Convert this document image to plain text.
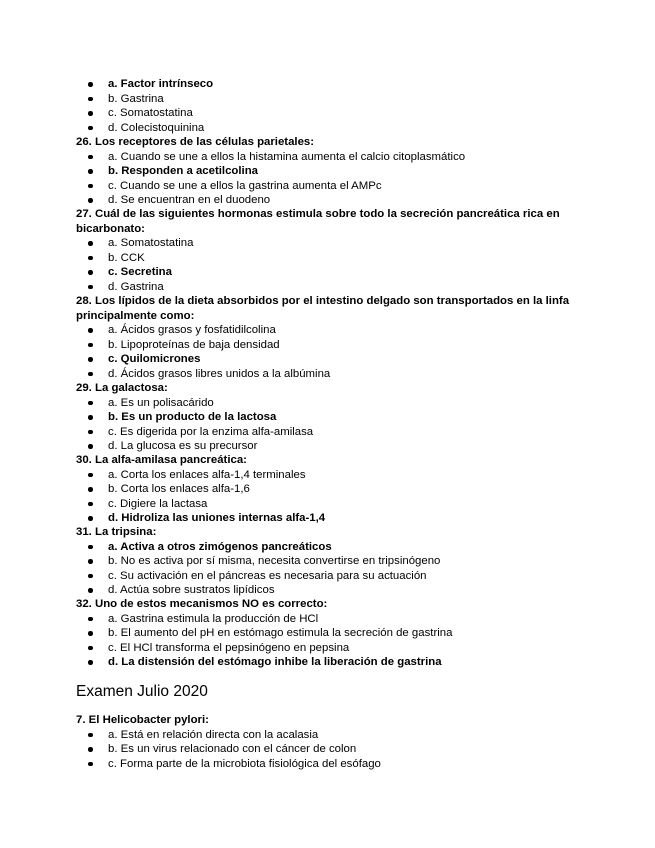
Examen Julio 2020
a. Factor intrínseco
b. Gastrina
c. Somatostatina
d. Colecistoquinina

26. Los receptores de las células parietales:

a. Cuando se une a ellos la histamina aumenta el calcio citoplasmático
b. Responden a acetilcolina
c. Cuando se une a ellos la gastrina aumenta el AMPc
d. Se encuentran en el duodeno

27. Cuál de las siguientes hormonas estimula sobre todo la secreción pancreática rica en bicarbonato:

a. Somatostatina
b. CCK
c. Secretina
d. Gastrina

28. Los lípidos de la dieta absorbidos por el intestino delgado son transportados en la linfa principalmente como:

a. Ácidos grasos y fosfatidilcolina
b. Lipoproteínas de baja densidad
c. Quilomicrones
d. Ácidos grasos libres unidos a la albúmina

29. La galactosa:

a. Es un polisacárido
b. Es un producto de la lactosa
c. Es digerida por la enzima alfa-amilasa
d. La glucosa es su precursor

30. La alfa-amilasa pancreática:

a. Corta los enlaces alfa-1,4 terminales
b. Corta los enlaces alfa-1,6
c. Digiere la lactasa
d. Hidroliza las uniones internas alfa-1,4

31. La tripsina:

a. Activa a otros zimógenos pancreáticos
b. No es activa por sí misma, necesita convertirse en tripsinógeno
c. Su activación en el páncreas es necesaria para su actuación
d. Actúa sobre sustratos lipídicos

32. Uno de estos mecanismos NO es correcto:

a. Gastrina estimula la producción de HCl
b. El aumento del pH en estómago estimula la secreción de gastrina
c. El HCl transforma el pepsinógeno en pepsina
d. La distensión del estómago inhibe la liberación de gastrina

7. El Helicobacter pylori:

a. Está en relación directa con la acalasia
b. Es un virus relacionado con el cáncer de colon
c. Forma parte de la microbiota fisiológica del esófago
